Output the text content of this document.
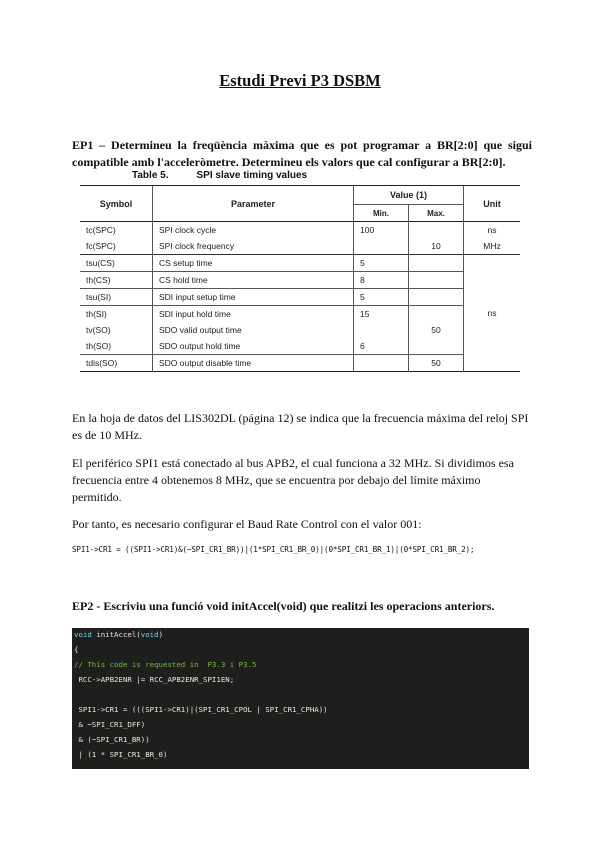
Estudi Previ P3 DSBM
EP1 – Determineu la freqüència màxima que es pot programar a BR[2:0] que sigui compatible amb l'acceleròmetre. Determineu els valors que cal configurar a BR[2:0].
Table 5.	SPI slave timing values
Symbol	Parameter	Value (1)		Unit
		Min.	Max.	
tc(SPC)	SPI clock cycle	100		ns
fc(SPC)	SPI clock frequency		10	MHz
tsu(CS)	CS setup time	5		ns
th(CS)	CS hold time	8		
tsu(SI)	SDI input setup time	5		
th(SI)	SDI input hold time	15		
tv(SO)	SDO valid output time		50	
th(SO)	SDO output hold time	6		
tdis(SO)	SDO output disable time		50	
En la hoja de datos del LIS302DL (página 12) se indica que la frecuencia máxima del reloj SPI es de 10 MHz.
El periférico SPI1 está conectado al bus APB2, el cual funciona a 32 MHz. Si dividimos esa frecuencia entre 4 obtenemos 8 MHz, que se encuentra por debajo del límite máximo permitido.
Por tanto, es necesario configurar el Baud Rate Control con el valor 001:
SPI1->CR1 = ((SPI1->CR1)&(~SPI_CR1_BR))|(1*SPI_CR1_BR_0)|(0*SPI_CR1_BR_1)|(0*SPI_CR1_BR_2);
EP2 - Escriviu una funció void initAccel(void) que realitzi les operacions anteriors.
void initAccel(void)
{
// This code is requested in  P3.3 i P3.5
RCC->APB2ENR |= RCC_APB2ENR_SPI1EN;
SPI1->CR1 = (((SPI1->CR1)|(SPI_CR1_CPOL | SPI_CR1_CPHA))
& ~SPI_CR1_DFF)
& (~SPI_CR1_BR))
| (1 * SPI_CR1_BR_0)
